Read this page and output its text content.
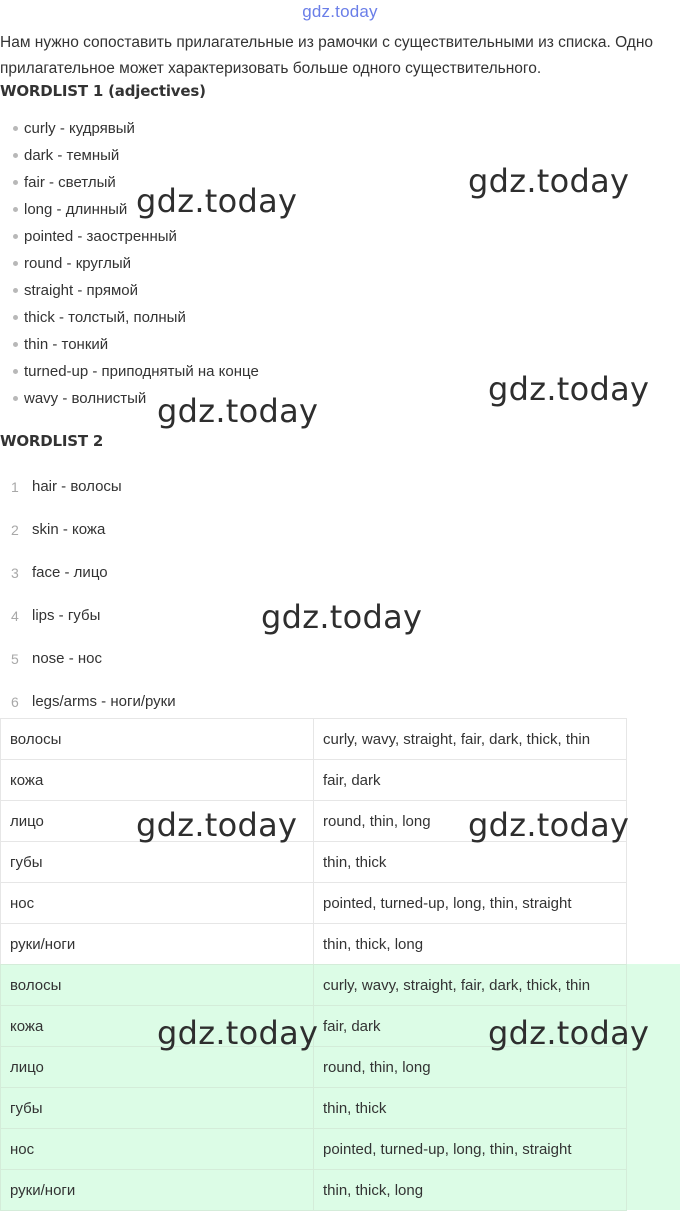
gdz.today
Нам нужно сопоставить прилагательные из рамочки с существительными из списка. Одно прилагательное может характеризовать больше одного существительного.
WORDLIST 1 (adjectives)
curly - кудрявый
dark - темный
fair - светлый
long - длинный
pointed - заостренный
round - круглый
straight - прямой
thick - толстый, полный
thin - тонкий
turned-up - приподнятый на конце
wavy - волнистый
WORDLIST 2
1 hair - волосы
2 skin - кожа
3 face - лицо
4 lips - губы
5 nose - нос
6 legs/arms - ноги/руки
волосы	curly, wavy, straight, fair, dark, thick, thin
кожа	fair, dark
лицо	round, thin, long
губы	thin, thick
нос	pointed, turned-up, long, thin, straight
руки/ноги	thin, thick, long
волосы	curly, wavy, straight, fair, dark, thick, thin
кожа	fair, dark
лицо	round, thin, long
губы	thin, thick
нос	pointed, turned-up, long, thin, straight
руки/ноги	thin, thick, long
gdz.today
gdz.today
gdz.today
gdz.today
gdz.today
gdz.today	gdz.today
gdz.today	gdz.today
